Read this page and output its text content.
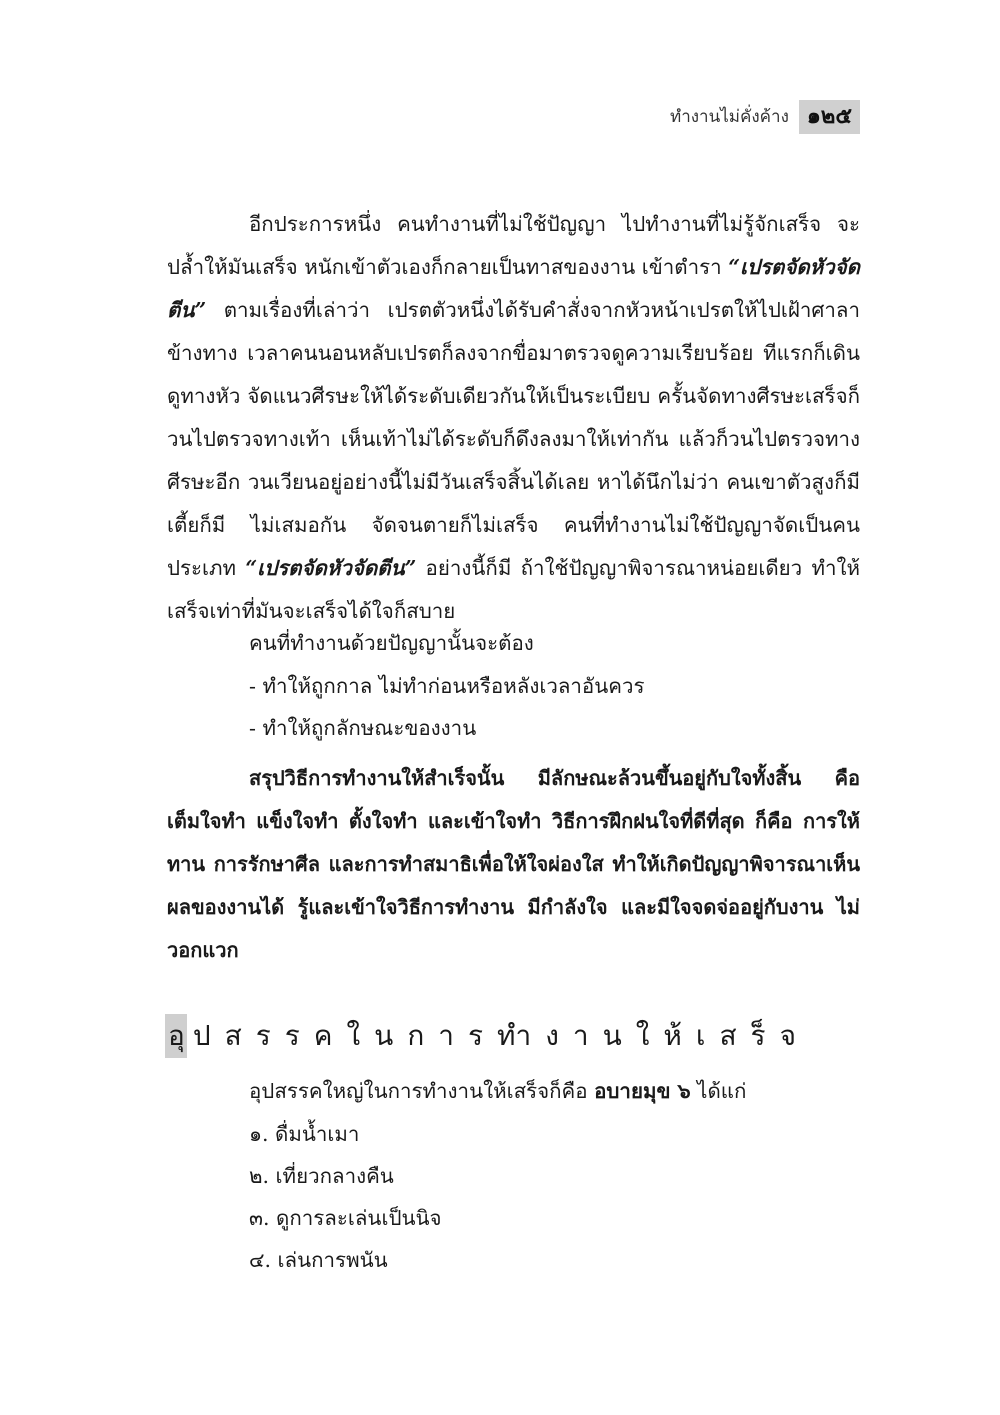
ทำงานไม่คั่งค้าง ๑๒๕

อีกประการหนึ่ง คนทำงานที่ไม่ใช้ปัญญา ไปทำงานที่ไม่รู้จักเสร็จ จะปล้ำให้มันเสร็จ หนักเข้าตัวเองก็กลายเป็นทาสของงาน เข้าตำรา “เปรตจัดหัวจัดตีน” ตามเรื่องที่เล่าว่า เปรตตัวหนึ่งได้รับคำสั่งจากหัวหน้าเปรตให้ไปเฝ้าศาลาข้างทาง เวลาคนนอนหลับเปรตก็ลงจากขื่อมาตรวจดูความเรียบร้อย ทีแรกก็เดินดูทางหัว จัดแนวศีรษะให้ได้ระดับเดียวกันให้เป็นระเบียบ ครั้นจัดทางศีรษะเสร็จก็วนไปตรวจทางเท้า เห็นเท้าไม่ได้ระดับก็ดึงลงมาให้เท่ากัน แล้วก็วนไปตรวจทางศีรษะอีก วนเวียนอยู่อย่างนี้ไม่มีวันเสร็จสิ้นได้เลย หาได้นึกไม่ว่า คนเขาตัวสูงก็มี เตี้ยก็มี ไม่เสมอกัน จัดจนตายก็ไม่เสร็จ คนที่ทำงานไม่ใช้ปัญญาจัดเป็นคนประเภท “เปรตจัดหัวจัดตีน” อย่างนี้ก็มี ถ้าใช้ปัญญาพิจารณาหน่อยเดียว ทำให้เสร็จเท่าที่มันจะเสร็จได้ใจก็สบาย

คนที่ทำงานด้วยปัญญานั้นจะต้อง

- ทำให้ถูกกาล ไม่ทำก่อนหรือหลังเวลาอันควร

- ทำให้ถูกลักษณะของงาน

สรุปวิธีการทำงานให้สำเร็จนั้น มีลักษณะล้วนขึ้นอยู่กับใจทั้งสิ้น คือเต็มใจทำ แข็งใจทำ ตั้งใจทำ และเข้าใจทำ วิธีการฝึกฝนใจที่ดีที่สุด ก็คือ การให้ทาน การรักษาศีล และการทำสมาธิเพื่อให้ใจผ่องใส ทำให้เกิดปัญญาพิจารณาเห็นผลของงานได้ รู้และเข้าใจวิธีการทำงาน มีกำลังใจ และมีใจจดจ่ออยู่กับงาน ไม่วอกแวก

อุ ปสรรคในการทำงานให้เสร็จ

อุปสรรคใหญ่ในการทำงานให้เสร็จก็คือ อบายมุข ๖ ได้แก่

๑. ดื่มน้ำเมา

๒. เที่ยวกลางคืน

๓. ดูการละเล่นเป็นนิจ

๔. เล่นการพนัน
